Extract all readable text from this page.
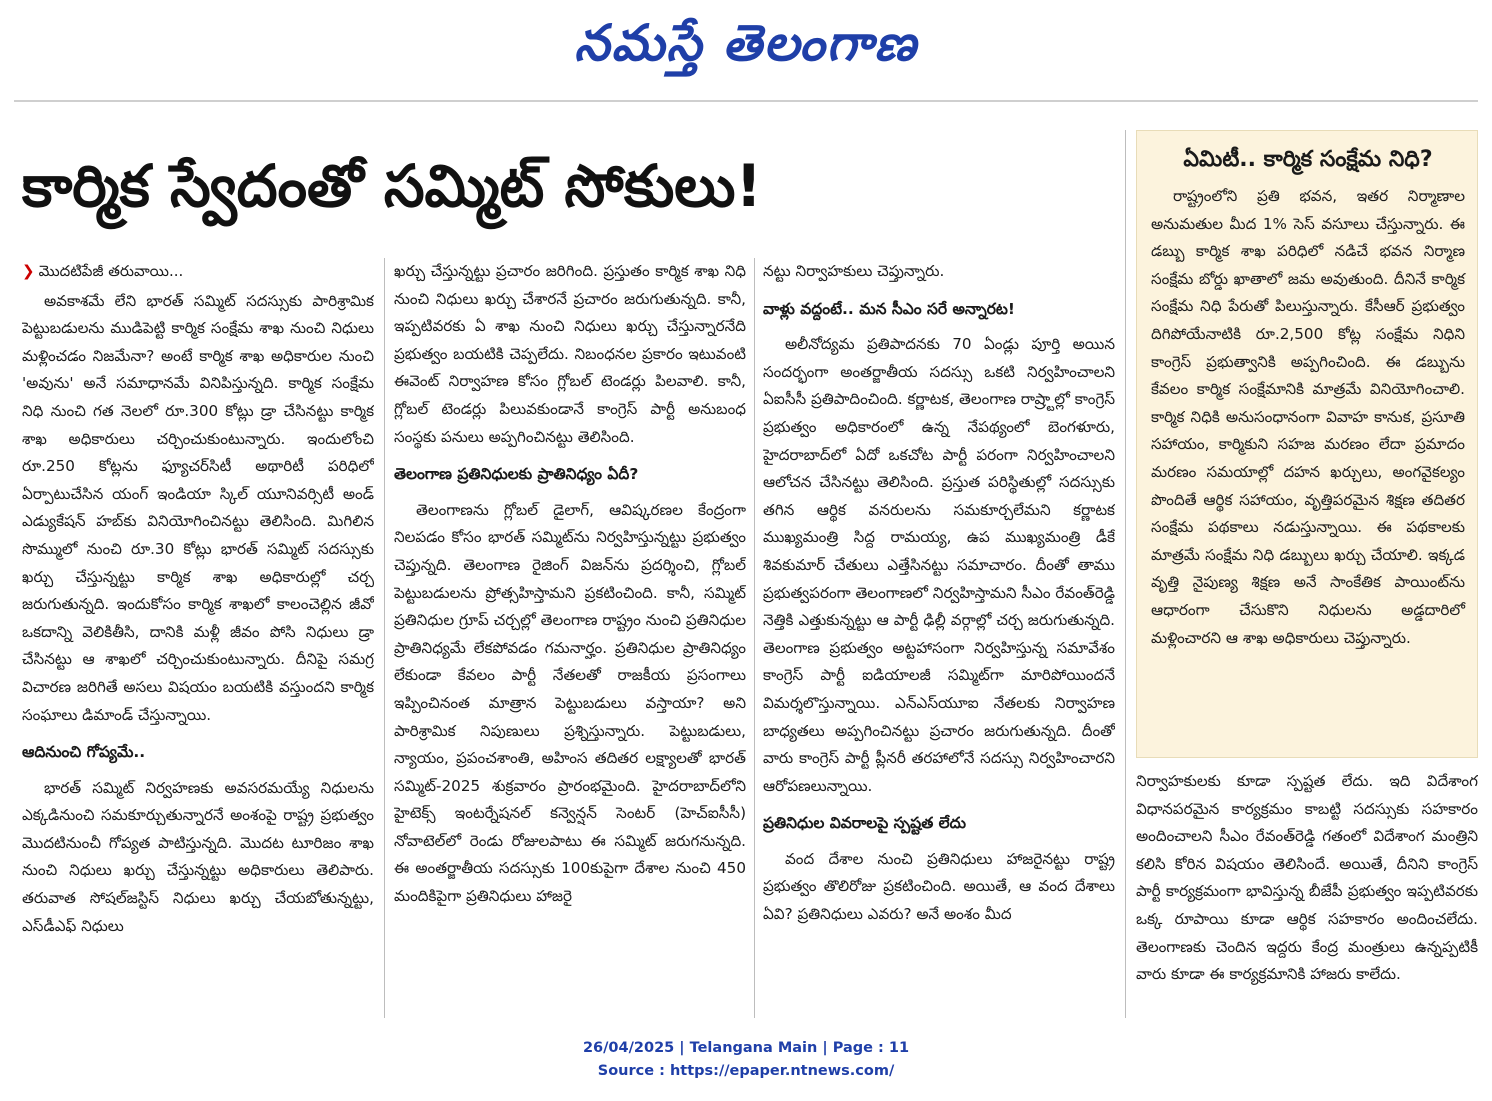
నమస్తే తెలంగాణ
కార్మిక స్వేదంతో సమ్మిట్ సోకులు!

❯ మొదటిపేజీ తరువాయి...

అవకాశమే లేని భారత్ సమ్మిట్ సదస్సుకు పారిశ్రామిక పెట్టుబడులను ముడిపెట్టి కార్మిక సంక్షేమ శాఖ నుంచి నిధులు మళ్లించడం నిజమేనా? అంటే కార్మిక శాఖ అధికారుల నుంచి 'అవును' అనే సమాధానమే వినిపిస్తున్నది. కార్మిక సంక్షేమ నిధి నుంచి గత నెలలో రూ.300 కోట్లు డ్రా చేసినట్టు కార్మిక శాఖ అధికారులు చర్చించుకుంటున్నారు. ఇందులోంచి రూ.250 కోట్లను ఫ్యూచర్‌సిటీ అథారిటీ పరిధిలో ఏర్పాటుచేసిన యంగ్ ఇండియా స్కిల్ యూనివర్సిటీ అండ్ ఎడ్యుకేషన్ హబ్‌కు వినియోగించినట్టు తెలిసింది. మిగిలిన సొమ్ములో నుంచి రూ.30 కోట్లు భారత్ సమ్మిట్ సదస్సుకు ఖర్చు చేస్తున్నట్టు కార్మిక శాఖ అధికారుల్లో చర్చ జరుగుతున్నది. ఇందుకోసం కార్మిక శాఖలో కాలంచెల్లిన జీవో ఒకదాన్ని వెలికితీసి, దానికి మళ్లీ జీవం పోసి నిధులు డ్రా చేసినట్టు ఆ శాఖలో చర్చించుకుంటున్నారు. దీనిపై సమగ్ర విచారణ జరిగితే అసలు విషయం బయటికి వస్తుందని కార్మిక సంఘాలు డిమాండ్ చేస్తున్నాయి.

ఆదినుంచి గోప్యమే..

భారత్ సమ్మిట్ నిర్వహణకు అవసరమయ్యే నిధులను ఎక్కడినుంచి సమకూర్చుతున్నారనే అంశంపై రాష్ట్ర ప్రభుత్వం మొదటినుంచీ గోప్యత పాటిస్తున్నది. మొదట టూరిజం శాఖ నుంచి నిధులు ఖర్చు చేస్తున్నట్టు అధికారులు తెలిపారు. తరువాత సోషల్‌జస్టిస్ నిధులు ఖర్చు చేయబోతున్నట్టు, ఎస్‌డీఎఫ్ నిధులు

ఖర్చు చేస్తున్నట్టు ప్రచారం జరిగింది. ప్రస్తుతం కార్మిక శాఖ నిధి నుంచి నిధులు ఖర్చు చేశారనే ప్రచారం జరుగుతున్నది. కానీ, ఇప్పటివరకు ఏ శాఖ నుంచి నిధులు ఖర్చు చేస్తున్నారనేది ప్రభుత్వం బయటికి చెప్పలేదు. నిబంధనల ప్రకారం ఇటువంటి ఈవెంట్ నిర్వాహణ కోసం గ్లోబల్ టెండర్లు పిలవాలి. కానీ, గ్లోబల్ టెండర్లు పిలువకుండానే కాంగ్రెస్ పార్టీ అనుబంధ సంస్థకు పనులు అప్పగించినట్టు తెలిసింది.

తెలంగాణ ప్రతినిధులకు ప్రాతినిధ్యం ఏదీ?

తెలంగాణను గ్లోబల్ డైలాగ్, ఆవిష్కరణల కేంద్రంగా నిలపడం కోసం భారత్ సమ్మిట్‌ను నిర్వహిస్తున్నట్టు ప్రభుత్వం చెప్తున్నది. తెలంగాణ రైజింగ్ విజన్‌ను ప్రదర్శించి, గ్లోబల్ పెట్టుబడులను ప్రోత్సహిస్తామని ప్రకటించింది. కానీ, సమ్మిట్ ప్రతినిధుల గ్రూప్ చర్చల్లో తెలంగాణ రాష్ట్రం నుంచి ప్రతినిధుల ప్రాతినిధ్యమే లేకపోవడం గమనార్హం. ప్రతినిధుల ప్రాతినిధ్యం లేకుండా కేవలం పార్టీ నేతలతో రాజకీయ ప్రసంగాలు ఇప్పించినంత మాత్రాన పెట్టుబడులు వస్తాయా? అని పారిశ్రామిక నిపుణులు ప్రశ్నిస్తున్నారు. పెట్టుబడులు, న్యాయం, ప్రపంచశాంతి, అహింస తదితర లక్ష్యాలతో భారత్ సమ్మిట్-2025 శుక్రవారం ప్రారంభమైంది. హైదరాబాద్‌లోని హైటెక్స్ ఇంటర్నేషనల్ కన్వెన్షన్ సెంటర్ (హెచ్ఐసీసీ) నోవాటెల్‌లో రెండు రోజులపాటు ఈ సమ్మిట్ జరుగనున్నది. ఈ అంతర్జాతీయ సదస్సుకు 100కుపైగా దేశాల నుంచి 450 మందికిపైగా ప్రతినిధులు హాజరై

నట్టు నిర్వాహకులు చెప్తున్నారు.

వాళ్లు వద్దంటే.. మన సీఎం సరే అన్నారట!

అలీనోద్యమ ప్రతిపాదనకు 70 ఏండ్లు పూర్తి అయిన సందర్భంగా అంతర్జాతీయ సదస్సు ఒకటి నిర్వహించాలని ఏఐసీసీ ప్రతిపాదించింది. కర్ణాటక, తెలంగాణ రాష్ర్టాల్లో కాంగ్రెస్ ప్రభుత్వం అధికారంలో ఉన్న నేపథ్యంలో బెంగళూరు, హైదరాబాద్‌లో ఏదో ఒకచోట పార్టీ పరంగా నిర్వహించాలని ఆలోచన చేసినట్టు తెలిసింది. ప్రస్తుత పరిస్థితుల్లో సదస్సుకు తగిన ఆర్థిక వనరులను సమకూర్చలేమని కర్ణాటక ముఖ్యమంత్రి సిద్ద రామయ్య, ఉప ముఖ్యమంత్రి డీకే శివకుమార్ చేతులు ఎత్తేసినట్టు సమాచారం. దీంతో తాము ప్రభుత్వపరంగా తెలంగాణలో నిర్వహిస్తామని సీఎం రేవంత్‌రెడ్డి నెత్తికి ఎత్తుకున్నట్టు ఆ పార్టీ ఢిల్లీ వర్గాల్లో చర్చ జరుగుతున్నది. తెలంగాణ ప్రభుత్వం అట్టహాసంగా నిర్వహిస్తున్న సమావేశం కాంగ్రెస్ పార్టీ ఐడియాలజీ సమ్మిట్‌గా మారిపోయిందనే విమర్శలొస్తున్నాయి. ఎన్ఎస్‌యూఐ నేతలకు నిర్వాహణ బాధ్యతలు అప్పగించినట్టు ప్రచారం జరుగుతున్నది. దీంతో వారు కాంగ్రెస్ పార్టీ ప్లీనరీ తరహాలోనే సదస్సు నిర్వహించారని ఆరోపణలున్నాయి.

ప్రతినిధుల వివరాలపై స్పష్టత లేదు

వంద దేశాల నుంచి ప్రతినిధులు హాజరైనట్టు రాష్ట్ర ప్రభుత్వం తొలిరోజు ప్రకటించింది. అయితే, ఆ వంద దేశాలు ఏవి? ప్రతినిధులు ఎవరు? అనే అంశం మీద

ఏమిటీ.. కార్మిక సంక్షేమ నిధి?

రాష్ట్రంలోని ప్రతి భవన, ఇతర నిర్మాణాల అనుమతుల మీద 1% సెస్ వసూలు చేస్తున్నారు. ఈ డబ్బు కార్మిక శాఖ పరిధిలో నడిచే భవన నిర్మాణ సంక్షేమ బోర్డు ఖాతాలో జమ అవుతుంది. దీనినే కార్మిక సంక్షేమ నిధి పేరుతో పిలుస్తున్నారు. కేసీఆర్ ప్రభుత్వం దిగిపోయేనాటికి రూ.2,500 కోట్ల సంక్షేమ నిధిని కాంగ్రెస్ ప్రభుత్వానికి అప్పగించింది. ఈ డబ్బును కేవలం కార్మిక సంక్షేమానికి మాత్రమే వినియోగించాలి. కార్మిక నిధికి అనుసంధానంగా వివాహ కానుక, ప్రసూతి సహాయం, కార్మికుని సహజ మరణం లేదా ప్రమాదం మరణం సమయాల్లో దహన ఖర్చులు, అంగవైకల్యం పొందితే ఆర్థిక సహాయం, వృత్తిపరమైన శిక్షణ తదితర సంక్షేమ పథకాలు నడుస్తున్నాయి. ఈ పథకాలకు మాత్రమే సంక్షేమ నిధి డబ్బులు ఖర్చు చేయాలి. ఇక్కడ వృత్తి నైపుణ్య శిక్షణ అనే సాంకేతిక పాయింట్‌ను ఆధారంగా చేసుకొని నిధులను అడ్డదారిలో మళ్లించారని ఆ శాఖ అధికారులు చెప్తున్నారు.

నిర్వాహకులకు కూడా స్పష్టత లేదు. ఇది విదేశాంగ విధానపరమైన కార్యక్రమం కాబట్టి సదస్సుకు సహకారం అందించాలని సీఎం రేవంత్‌రెడ్డి గతంలో విదేశాంగ మంత్రిని కలిసి కోరిన విషయం తెలిసిందే. అయితే, దీనిని కాంగ్రెస్ పార్టీ కార్యక్రమంగా భావిస్తున్న బీజేపీ ప్రభుత్వం ఇప్పటివరకు ఒక్క రూపాయి కూడా ఆర్థిక సహకారం అందించలేదు. తెలంగాణకు చెందిన ఇద్దరు కేంద్ర మంత్రులు ఉన్నప్పటికీ వారు కూడా ఈ కార్యక్రమానికి హాజరు కాలేదు.

26/04/2025 | Telangana Main | Page : 11
Source : https://epaper.ntnews.com/
